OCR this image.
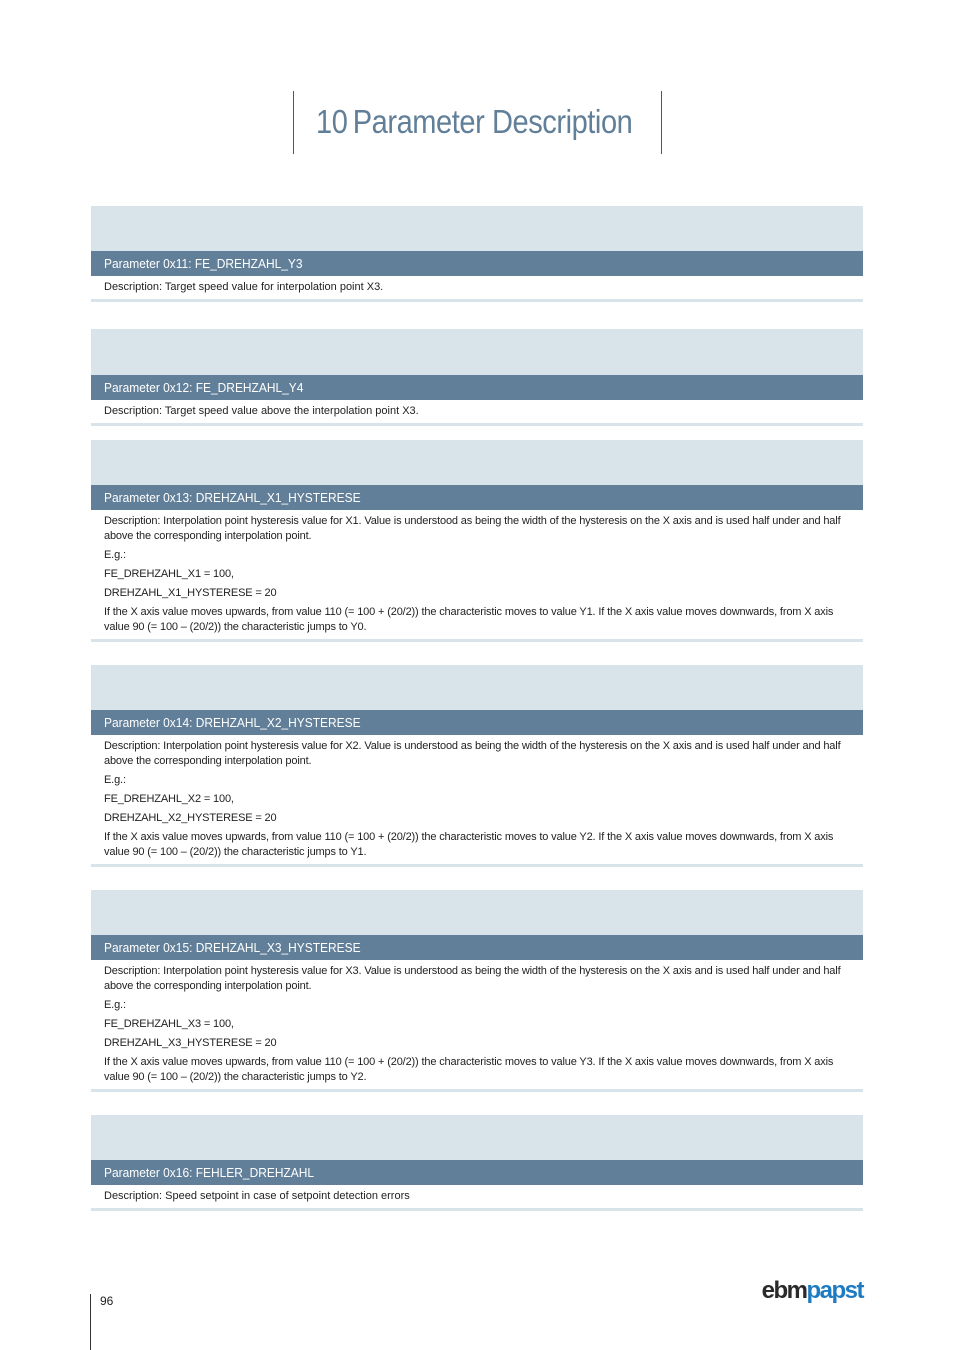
10 Parameter Description
Parameter 0x11: FE_DREHZAHL_Y3

Description: Target speed value for interpolation point X3.

Parameter 0x12: FE_DREHZAHL_Y4

Description: Target speed value above the interpolation point X3.

Parameter 0x13: DREHZAHL_X1_HYSTERESE

Description: Interpolation point hysteresis value for X1. Value is understood as being the width of the hysteresis on the X axis and is used half under and half above the corresponding interpolation point.

E.g.:

FE_DREHZAHL_X1 = 100,

DREHZAHL_X1_HYSTERESE = 20

If the X axis value moves upwards, from value 110 (= 100 + (20/2)) the characteristic moves to value Y1. If the X axis value moves downwards, from X axis value 90 (= 100 – (20/2)) the characteristic jumps to Y0.

Parameter 0x14: DREHZAHL_X2_HYSTERESE

Description: Interpolation point hysteresis value for X2. Value is understood as being the width of the hysteresis on the X axis and is used half under and half above the corresponding interpolation point.

E.g.:

FE_DREHZAHL_X2 = 100,

DREHZAHL_X2_HYSTERESE = 20

If the X axis value moves upwards, from value 110 (= 100 + (20/2)) the characteristic moves to value Y2. If the X axis value moves downwards, from X axis value 90 (= 100 – (20/2)) the characteristic jumps to Y1.

Parameter 0x15: DREHZAHL_X3_HYSTERESE

Description: Interpolation point hysteresis value for X3. Value is understood as being the width of the hysteresis on the X axis and is used half under and half above the corresponding interpolation point.

E.g.:

FE_DREHZAHL_X3 = 100,

DREHZAHL_X3_HYSTERESE = 20

If the X axis value moves upwards, from value 110 (= 100 + (20/2)) the characteristic moves to value Y3. If the X axis value moves downwards, from X axis value 90 (= 100 – (20/2)) the characteristic jumps to Y2.

Parameter 0x16: FEHLER_DREHZAHL

Description: Speed setpoint in case of setpoint detection errors

96	ebmpapst
